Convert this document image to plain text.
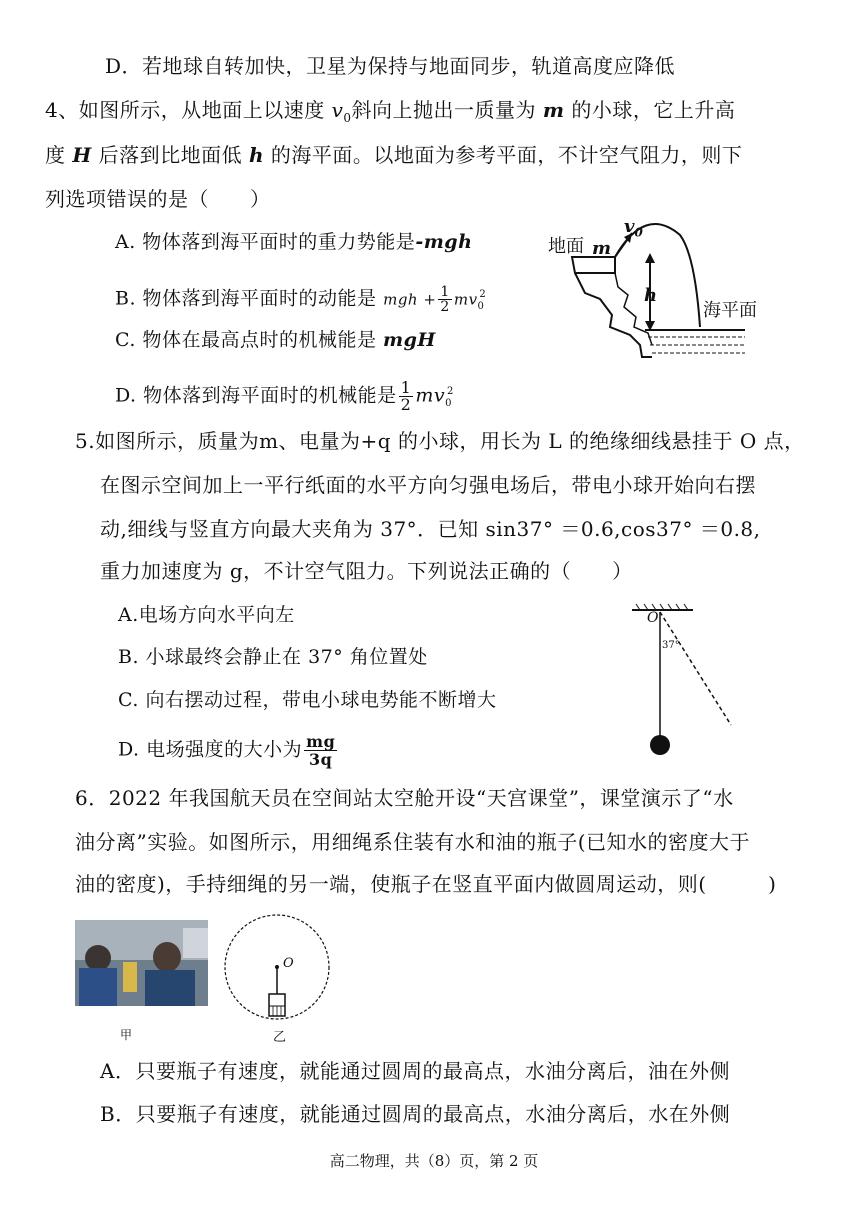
D．若地球自转加快，卫星为保持与地面同步，轨道高度应降低
4、如图所示，从地面上以速度 $v_0$斜向上抛出一质量为 m 的小球，它上升高
度 H 后落到比地面低 h 的海平面。以地面为参考平面，不计空气阻力，则下
列选项错误的是（　　）
A. 物体落到海平面时的重力势能是-mgh
B. 物体落到海平面时的动能是 mgh + $\frac{1}{2} mv_0^2$
C. 物体在最高点时的机械能是 mgH
D. 物体落到海平面时的机械能是 $\frac{1}{2} mv_0^2$
地面 m
$v_0$
h
海平面
5.如图所示，质量为m、电量为+q 的小球，用长为 L 的绝缘细线悬挂于 O 点，
在图示空间加上一平行纸面的水平方向匀强电场后，带电小球开始向右摆
动,细线与竖直方向最大夹角为 37°．已知 sin37° ＝0.6,cos37° ＝0.8,
重力加速度为 g，不计空气阻力。下列说法正确的（　　）
A.电场方向水平向左
B. 小球最终会静止在 37° 角位置处
C. 向右摆动过程，带电小球电势能不断增大
D. 电场强度的大小为 $\frac{mg}{3q}$
O
37°
6．2022 年我国航天员在空间站太空舱开设“天宫课堂”，课堂演示了“水
油分离”实验。如图所示，用细绳系住装有水和油的瓶子(已知水的密度大于
油的密度)，手持细绳的另一端，使瓶子在竖直平面内做圆周运动，则(　　　)
O
甲	乙
A．只要瓶子有速度，就能通过圆周的最高点，水油分离后，油在外侧
B．只要瓶子有速度，就能通过圆周的最高点，水油分离后，水在外侧
高二物理，共（8）页，第 2 页
